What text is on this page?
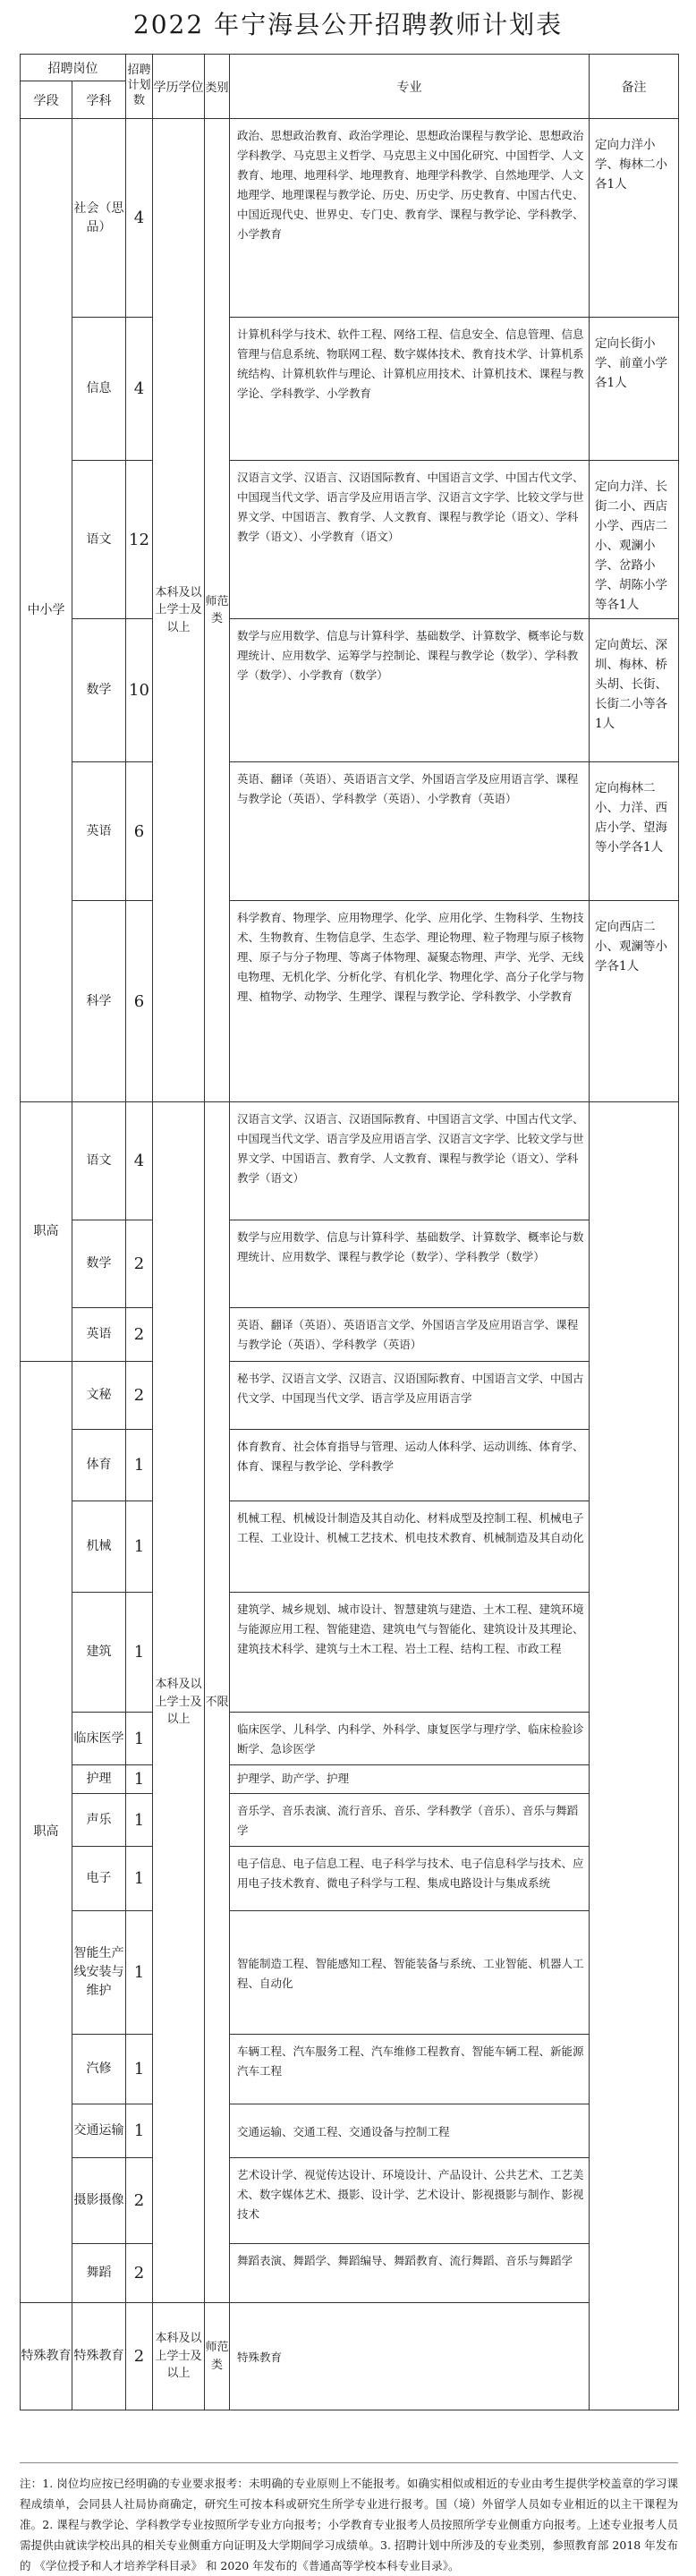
2022 年宁海县公开招聘教师计划表
招聘岗位		招聘计划数	学历学位	类别	专业	备注
学段	学科					
中小学	社会（思品）	4	本科及以上学士及以上	师范类	政治、思想政治教育、政治学理论、思想政治课程与教学论、思想政治学科教学、马克思主义哲学、马克思主义中国化研究、中国哲学、人文教育、地理、地理科学、地理教育、地理学科教学、自然地理学、人文地理学、地理课程与教学论、历史、历史学、历史教育、中国古代史、中国近现代史、世界史、专门史、教育学、课程与教学论、学科教学、小学教育	定向力洋小学、梅林二小各1人
	信息	4			计算机科学与技术、软件工程、网络工程、信息安全、信息管理、信息管理与信息系统、物联网工程、数字媒体技术、教育技术学、计算机系统结构、计算机软件与理论、计算机应用技术、计算机技术、课程与教学论、学科教学、小学教育	定向长街小学、前童小学各1人
	语文	12			汉语言文学、汉语言、汉语国际教育、中国语言文学、中国古代文学、中国现当代文学、语言学及应用语言学、汉语言文字学、比较文学与世界文学、中国语言、教育学、人文教育、课程与教学论（语文）、学科教学（语文）、小学教育（语文）	定向力洋、长街二小、西店小学、西店二小、观澜小学、岔路小学、胡陈小学等各1人
	数学	10			数学与应用数学、信息与计算科学、基础数学、计算数学、概率论与数理统计、应用数学、运筹学与控制论、课程与教学论（数学）、学科教学（数学）、小学教育（数学）	定向黄坛、深圳、梅林、桥头胡、长街、长街二小等各1人
	英语	6			英语、翻译（英语）、英语语言文学、外国语言学及应用语言学、课程与教学论（英语）、学科教学（英语）、小学教育（英语）	定向梅林二小、力洋、西店小学、望海等小学各1人
	科学	6			科学教育、物理学、应用物理学、化学、应用化学、生物科学、生物技术、生物教育、生物信息学、生态学、理论物理、粒子物理与原子核物理、原子与分子物理、等离子体物理、凝聚态物理、声学、光学、无线电物理、无机化学、分析化学、有机化学、物理化学、高分子化学与物理、植物学、动物学、生理学、课程与教学论、学科教学、小学教育	定向西店二小、观澜等小学各1人
职高	语文	4	本科及以上学士及以上	不限	汉语言文学、汉语言、汉语国际教育、中国语言文学、中国古代文学、中国现当代文学、语言学及应用语言学、汉语言文字学、比较文学与世界文学、中国语言、教育学、人文教育、课程与教学论（语文）、学科教学（语文）	
	数学	2			数学与应用数学、信息与计算科学、基础数学、计算数学、概率论与数理统计、应用数学、课程与教学论（数学）、学科教学（数学）	
	英语	2			英语、翻译（英语）、英语语言文学、外国语言学及应用语言学、课程与教学论（英语）、学科教学（英语）	
职高	文秘	2			秘书学、汉语言文学、汉语言、汉语国际教育、中国语言文学、中国古代文学、中国现当代文学、语言学及应用语言学	
	体育	1			体育教育、社会体育指导与管理、运动人体科学、运动训练、体育学、体育、课程与教学论、学科教学	
	机械	1			机械工程、机械设计制造及其自动化、材料成型及控制工程、机械电子工程、工业设计、机械工艺技术、机电技术教育、机械制造及其自动化	
	建筑	1			建筑学、城乡规划、城市设计、智慧建筑与建造、土木工程、建筑环境与能源应用工程、智能建造、建筑电气与智能化、建筑设计及其理论、建筑技术科学、建筑与土木工程、岩土工程、结构工程、市政工程	
	临床医学	1			临床医学、儿科学、内科学、外科学、康复医学与理疗学、临床检验诊断学、急诊医学	
	护理	1			护理学、助产学、护理	
	声乐	1			音乐学、音乐表演、流行音乐、音乐、学科教学（音乐）、音乐与舞蹈学	
	电子	1			电子信息、电子信息工程、电子科学与技术、电子信息科学与技术、应用电子技术教育、微电子科学与工程、集成电路设计与集成系统	
	智能生产线安装与维护	1			智能制造工程、智能感知工程、智能装备与系统、工业智能、机器人工程、自动化	
	汽修	1			车辆工程、汽车服务工程、汽车维修工程教育、智能车辆工程、新能源汽车工程	
	交通运输	1			交通运输、交通工程、交通设备与控制工程	
	摄影摄像	2			艺术设计学、视觉传达设计、环境设计、产品设计、公共艺术、工艺美术、数字媒体艺术、摄影、设计学、艺术设计、影视摄影与制作、影视技术	
	舞蹈	2			舞蹈表演、舞蹈学、舞蹈编导、舞蹈教育、流行舞蹈、音乐与舞蹈学	
特殊教育	特殊教育	2	本科及以上学士及以上	师范类	特殊教育	
注：1. 岗位均应按已经明确的专业要求报考：未明确的专业原则上不能报考。如确实相似或相近的专业由考生提供学校盖章的学习课程成绩单，会同县人社局协商确定，研究生可按本科或研究生所学专业进行报考。国（境）外留学人员如专业相近的以主干课程为准。2. 课程与教学论、学科教学专业按照所学专业方向报考；小学教育专业报考人员按照所学专业侧重方向报考。上述专业报考人员需提供由就读学校出具的相关专业侧重方向证明及大学期间学习成绩单。3. 招聘计划中所涉及的专业类别，参照教育部 2018 年发布的 《学位授予和人才培养学科目录》 和 2020 年发布的《普通高等学校本科专业目录》。
